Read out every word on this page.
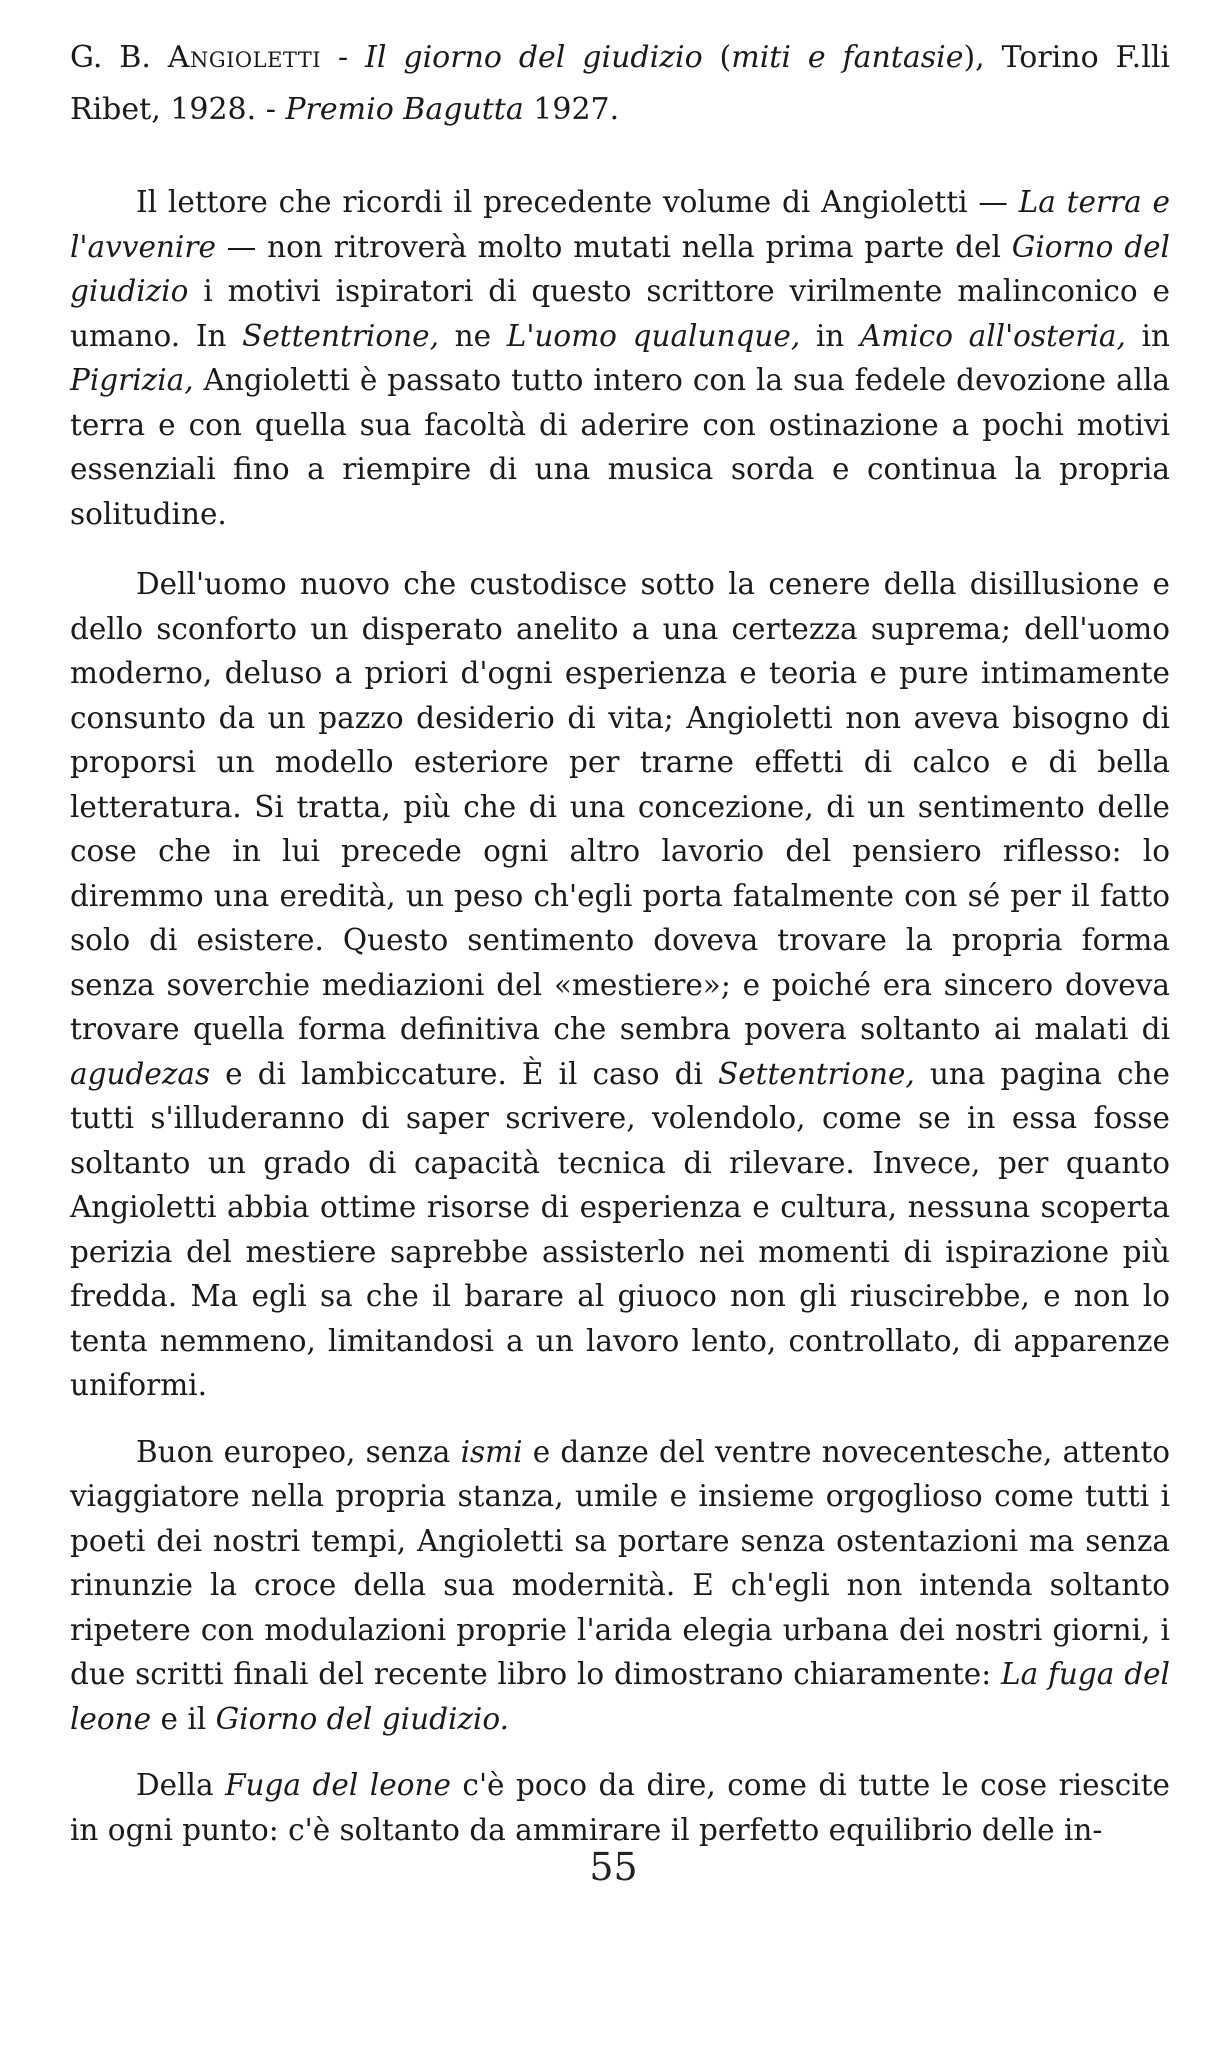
G. B. Angioletti - Il giorno del giudizio (miti e fantasie), Torino F.lli Ribet, 1928. - Premio Bagutta 1927.

Il lettore che ricordi il precedente volume di Angioletti — La terra e l'avvenire — non ritroverà molto mutati nella prima parte del Giorno del giudizio i motivi ispiratori di questo scrittore virilmente malinconico e umano. In Settentrione, ne L'uomo qualunque, in Amico all'osteria, in Pigrizia, Angioletti è passato tutto intero con la sua fedele devozione alla terra e con quella sua facoltà di aderire con ostinazione a pochi motivi essenziali fino a riempire di una musica sorda e continua la propria solitudine.

Dell'uomo nuovo che custodisce sotto la cenere della disillusione e dello sconforto un disperato anelito a una certezza suprema; dell'uomo moderno, deluso a priori d'ogni esperienza e teoria e pure intimamente consunto da un pazzo desiderio di vita; Angioletti non aveva bisogno di proporsi un modello esteriore per trarne effetti di calco e di bella letteratura. Si tratta, più che di una concezione, di un sentimento delle cose che in lui precede ogni altro lavorio del pensiero riflesso: lo diremmo una eredità, un peso ch'egli porta fatalmente con sé per il fatto solo di esistere. Questo sentimento doveva trovare la propria forma senza soverchie mediazioni del «mestiere»; e poiché era sincero doveva trovare quella forma definitiva che sembra povera soltanto ai malati di agudezas e di lambiccature. È il caso di Settentrione, una pagina che tutti s'illuderanno di saper scrivere, volendolo, come se in essa fosse soltanto un grado di capacità tecnica di rilevare. Invece, per quanto Angioletti abbia ottime risorse di esperienza e cultura, nessuna scoperta perizia del mestiere saprebbe assisterlo nei momenti di ispirazione più fredda. Ma egli sa che il barare al giuoco non gli riuscirebbe, e non lo tenta nemmeno, limitandosi a un lavoro lento, controllato, di apparenze uniformi.

Buon europeo, senza ismi e danze del ventre novecentesche, attento viaggiatore nella propria stanza, umile e insieme orgoglioso come tutti i poeti dei nostri tempi, Angioletti sa portare senza ostentazioni ma senza rinunzie la croce della sua modernità. E ch'egli non intenda soltanto ripetere con modulazioni proprie l'arida elegia urbana dei nostri giorni, i due scritti finali del recente libro lo dimostrano chiaramente: La fuga del leone e il Giorno del giudizio.

Della Fuga del leone c'è poco da dire, come di tutte le cose riescite in ogni punto: c'è soltanto da ammirare il perfetto equilibrio delle in-

55
